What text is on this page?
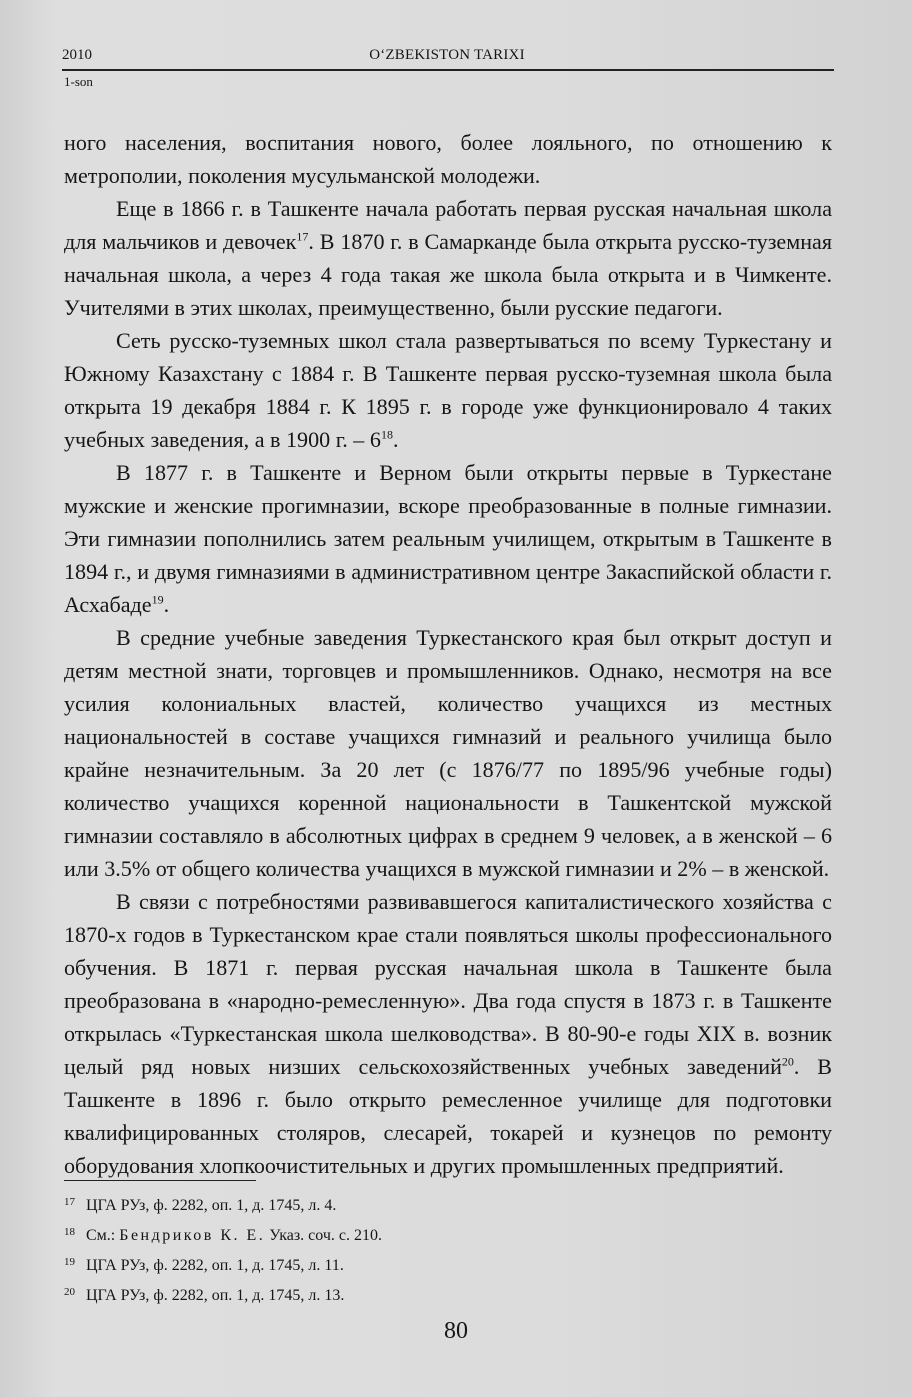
2010	O‘ZBEKISTON TARIXI
1-son

ного населения, воспитания нового, более лояльного, по отношению к метрополии, поколения мусульманской молодежи.

Еще в 1866 г. в Ташкенте начала работать первая русская начальная школа для мальчиков и девочек$^{17}$. В 1870 г. в Самарканде была открыта русско-туземная начальная школа, а через 4 года такая же школа была открыта и в Чимкенте. Учителями в этих школах, преимущественно, были русские педагоги.

Сеть русско-туземных школ стала развертываться по всему Туркестану и Южному Казахстану с 1884 г. В Ташкенте первая русско-туземная школа была открыта 19 декабря 1884 г. К 1895 г. в городе уже функционировало 4 таких учебных заведения, а в 1900 г. – $6^{18}$.

В 1877 г. в Ташкенте и Верном были открыты первые в Туркестане мужские и женские прогимназии, вскоре преобразованные в полные гимназии. Эти гимназии пополнились затем реальным училищем, открытым в Ташкенте в 1894 г., и двумя гимназиями в административном центре Закаспийской области г. Асхабаде$^{19}$.

В средние учебные заведения Туркестанского края был открыт доступ и детям местной знати, торговцев и промышленников. Однако, несмотря на все усилия колониальных властей, количество учащихся из местных национальностей в составе учащихся гимназий и реального училища было крайне незначительным. За 20 лет (с 1876/77 по 1895/96 учебные годы) количество учащихся коренной национальности в Ташкентской мужской гимназии составляло в абсолютных цифрах в среднем 9 человек, а в женской – 6 или 3.5% от общего количества учащихся в мужской гимназии и 2% – в женской.

В связи с потребностями развивавшегося капиталистического хозяйства с 1870-х годов в Туркестанском крае стали появляться школы профессионального обучения. В 1871 г. первая русская начальная школа в Ташкенте была преобразована в «народно-ремесленную». Два года спустя в 1873 г. в Ташкенте открылась «Туркестанская школа шелководства». В 80-90-е годы XIX в. возник целый ряд новых низших сельскохозяйственных учебных заведений$^{20}$. В Ташкенте в 1896 г. было открыто ремесленное училище для подготовки квалифицированных столяров, слесарей, токарей и кузнецов по ремонту оборудования хлопкоочистительных и других промышленных предприятий.

17 ЦГА РУз, ф. 2282, оп. 1, д. 1745, л. 4.
18 См.: Бендриков К. Е. Указ. соч. с. 210.
19 ЦГА РУз, ф. 2282, оп. 1, д. 1745, л. 11.
20 ЦГА РУз, ф. 2282, оп. 1, д. 1745, л. 13.
80
